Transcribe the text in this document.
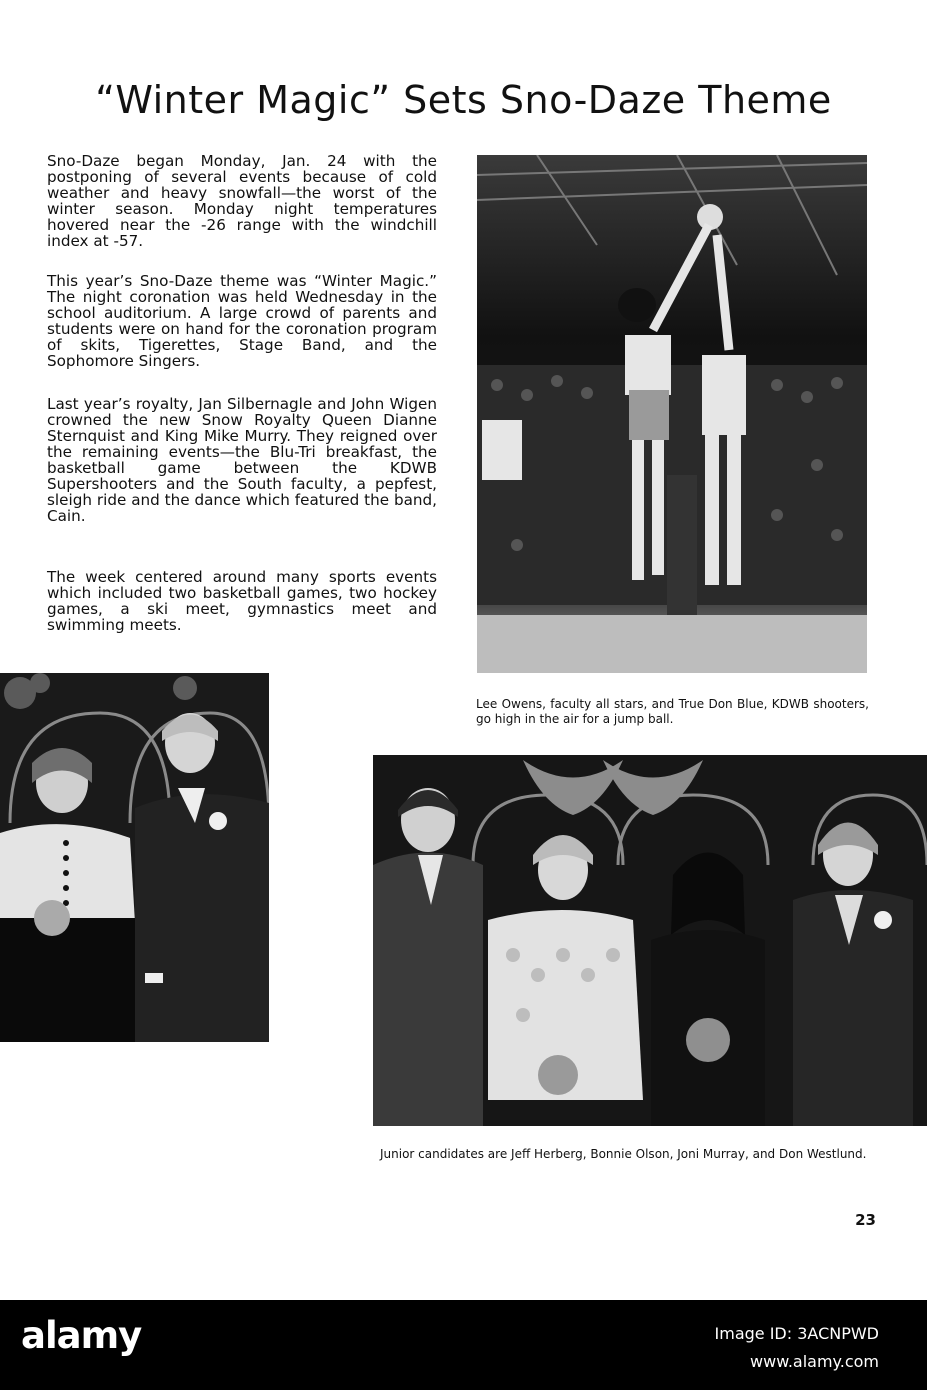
“Winter Magic” Sets Sno-Daze Theme

Sno-Daze began Monday, Jan. 24 with the postponing of several events because of cold weather and heavy snowfall—the worst of the winter season. Monday night temperatures hovered near the -26 range with the windchill index at -57.

This year’s Sno-Daze theme was “Winter Magic.” The night coronation was held Wednesday in the school auditorium. A large crowd of parents and students were on hand for the coronation program of skits, Tigerettes, Stage Band, and the Sophomore Singers.

Last year’s royalty, Jan Silbernagle and John Wigen crowned the new Snow Royalty Queen Dianne Sternquist and King Mike Murry. They reigned over the remaining events—the Blu-Tri breakfast, the basketball game between the KDWB Supershooters and the South faculty, a pepfest, sleigh ride and the dance which featured the band, Cain.

The week centered around many sports events which included two basketball games, two hockey games, a ski meet, gymnastics meet and swimming meets.

Lee Owens, faculty all stars, and True Don Blue, KDWB shooters, go high in the air for a jump ball.

Junior candidates are Jeff Herberg, Bonnie Olson, Joni Murray, and Don Westlund.

23
alamy	Image ID: 3ACNPWD
www.alamy.com
